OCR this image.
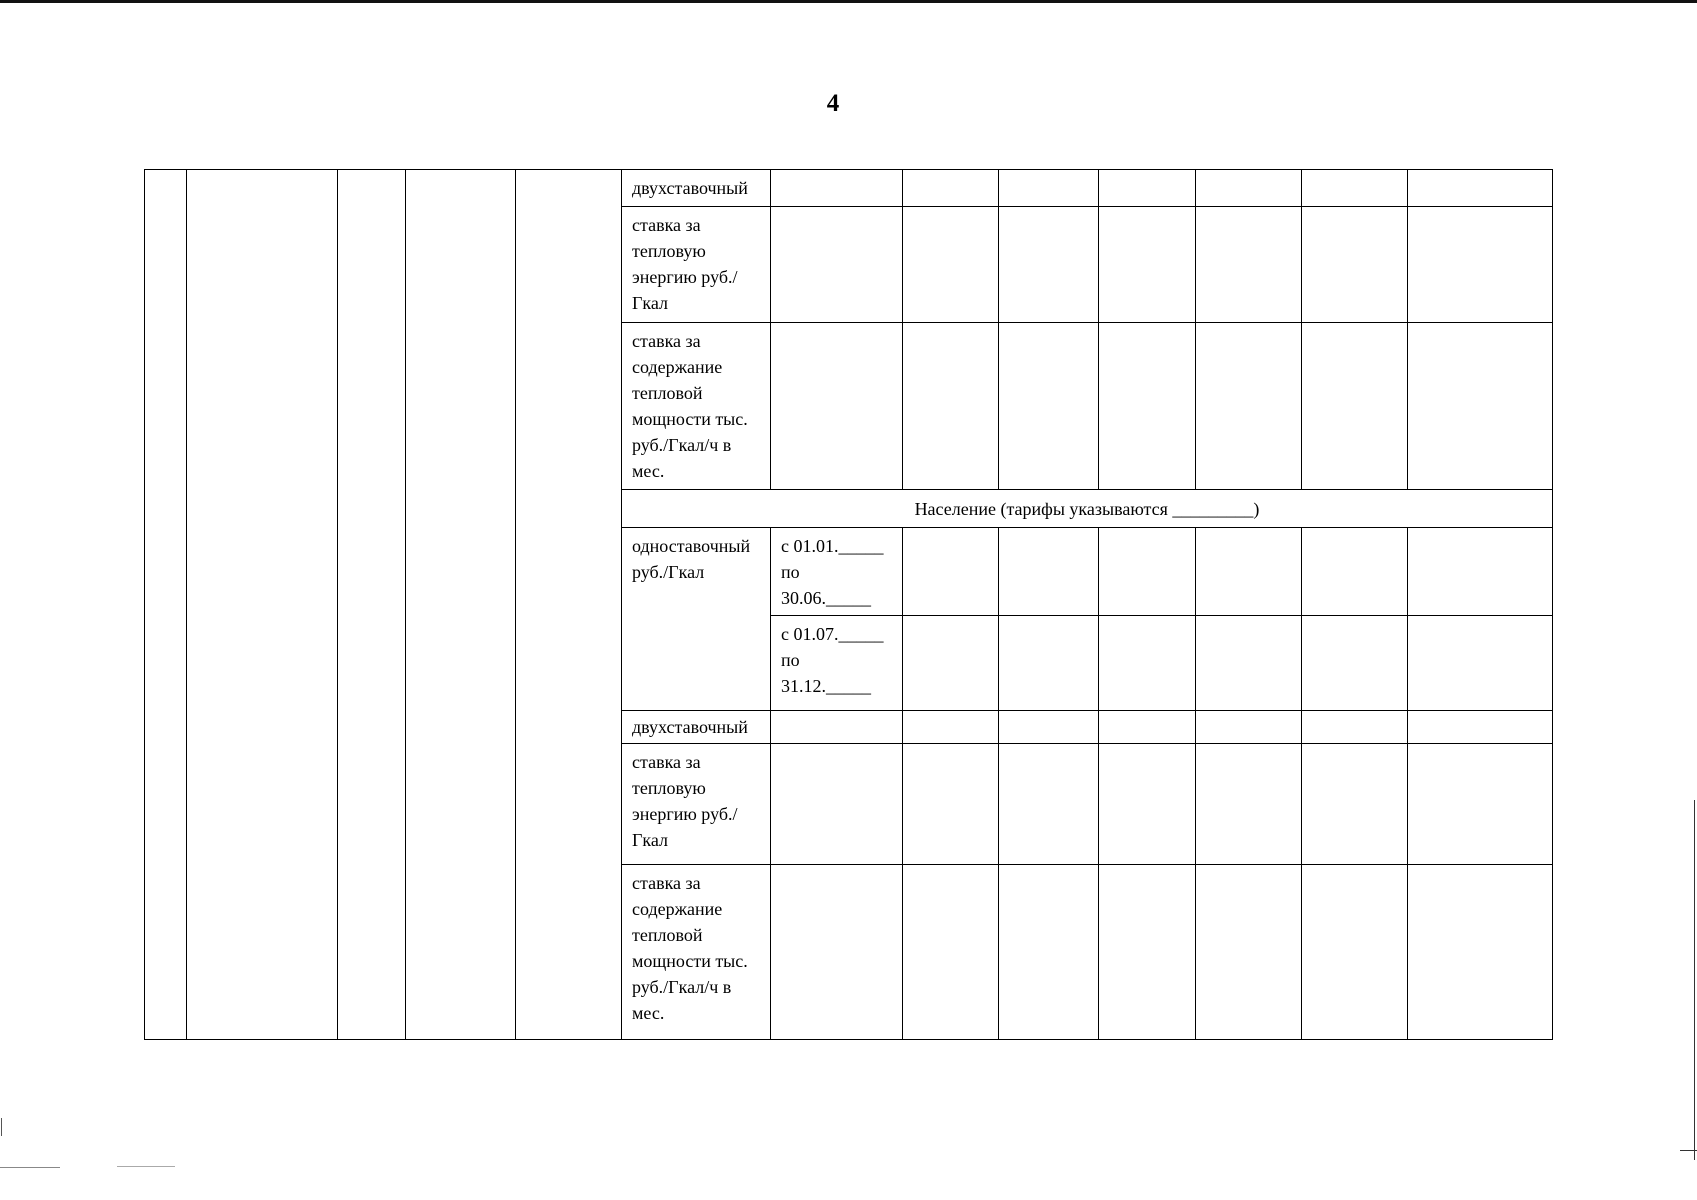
4
					двухставочный							
					ставка за тепловую энергию руб./Гкал							
					ставка за содержание тепловой мощности тыс. руб./Гкал/ч в мес.							
					Население (тарифы указываются _________)							
					одноставочный руб./Гкал	с 01.01._____ по 30.06._____						
						с 01.07._____ по 31.12._____						
					двухставочный							
					ставка за тепловую энергию руб./Гкал							
					ставка за содержание тепловой мощности тыс. руб./Гкал/ч в мес.							
